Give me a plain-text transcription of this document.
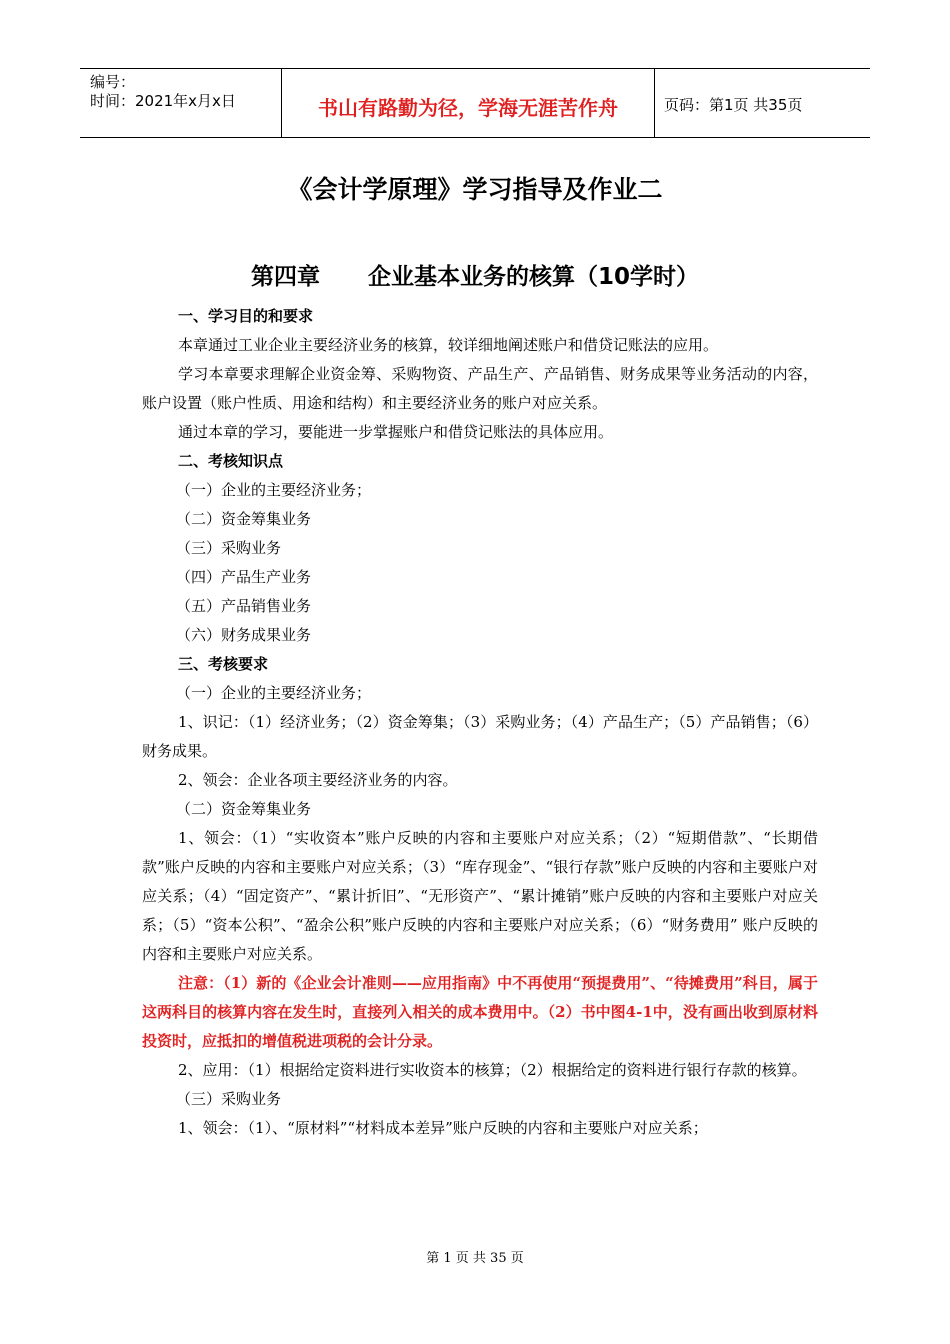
编号：
时间：2021年x月x日	书山有路勤为径，学海无涯苦作舟	页码：第1页 共35页
《会计学原理》学习指导及作业二
第四章      企业基本业务的核算（10学时）

一、学习目的和要求

本章通过工业企业主要经济业务的核算，较详细地阐述账户和借贷记账法的应用。

学习本章要求理解企业资金筹、采购物资、产品生产、产品销售、财务成果等业务活动的内容，账户设置（账户性质、用途和结构）和主要经济业务的账户对应关系。

通过本章的学习，要能进一步掌握账户和借贷记账法的具体应用。

二、考核知识点

（一）企业的主要经济业务；

（二）资金筹集业务

（三）采购业务

（四）产品生产业务

（五）产品销售业务

（六）财务成果业务

三、考核要求

（一）企业的主要经济业务；

1、识记：（1）经济业务；（2）资金筹集；（3）采购业务；（4）产品生产；（5）产品销售；（6）财务成果。

2、领会：企业各项主要经济业务的内容。

（二）资金筹集业务

1、领会：（1）“实收资本”账户反映的内容和主要账户对应关系；（2）“短期借款”、“长期借款”账户反映的内容和主要账户对应关系；（3）“库存现金”、“银行存款”账户反映的内容和主要账户对应关系；（4）“固定资产”、“累计折旧”、“无形资产”、“累计摊销”账户反映的内容和主要账户对应关系；（5）“资本公积”、“盈余公积”账户反映的内容和主要账户对应关系；（6）“财务费用” 账户反映的内容和主要账户对应关系。

注意：（1）新的《企业会计准则——应用指南》中不再使用“预提费用”、“待摊费用”科目，属于这两科目的核算内容在发生时，直接列入相关的成本费用中。（2）书中图4-1中，没有画出收到原材料投资时，应抵扣的增值税进项税的会计分录。

2、应用：（1）根据给定资料进行实收资本的核算；（2）根据给定的资料进行银行存款的核算。

（三）采购业务

1、领会：（1）、“原材料”“材料成本差异”账户反映的内容和主要账户对应关系；

第 1 页 共 35 页
